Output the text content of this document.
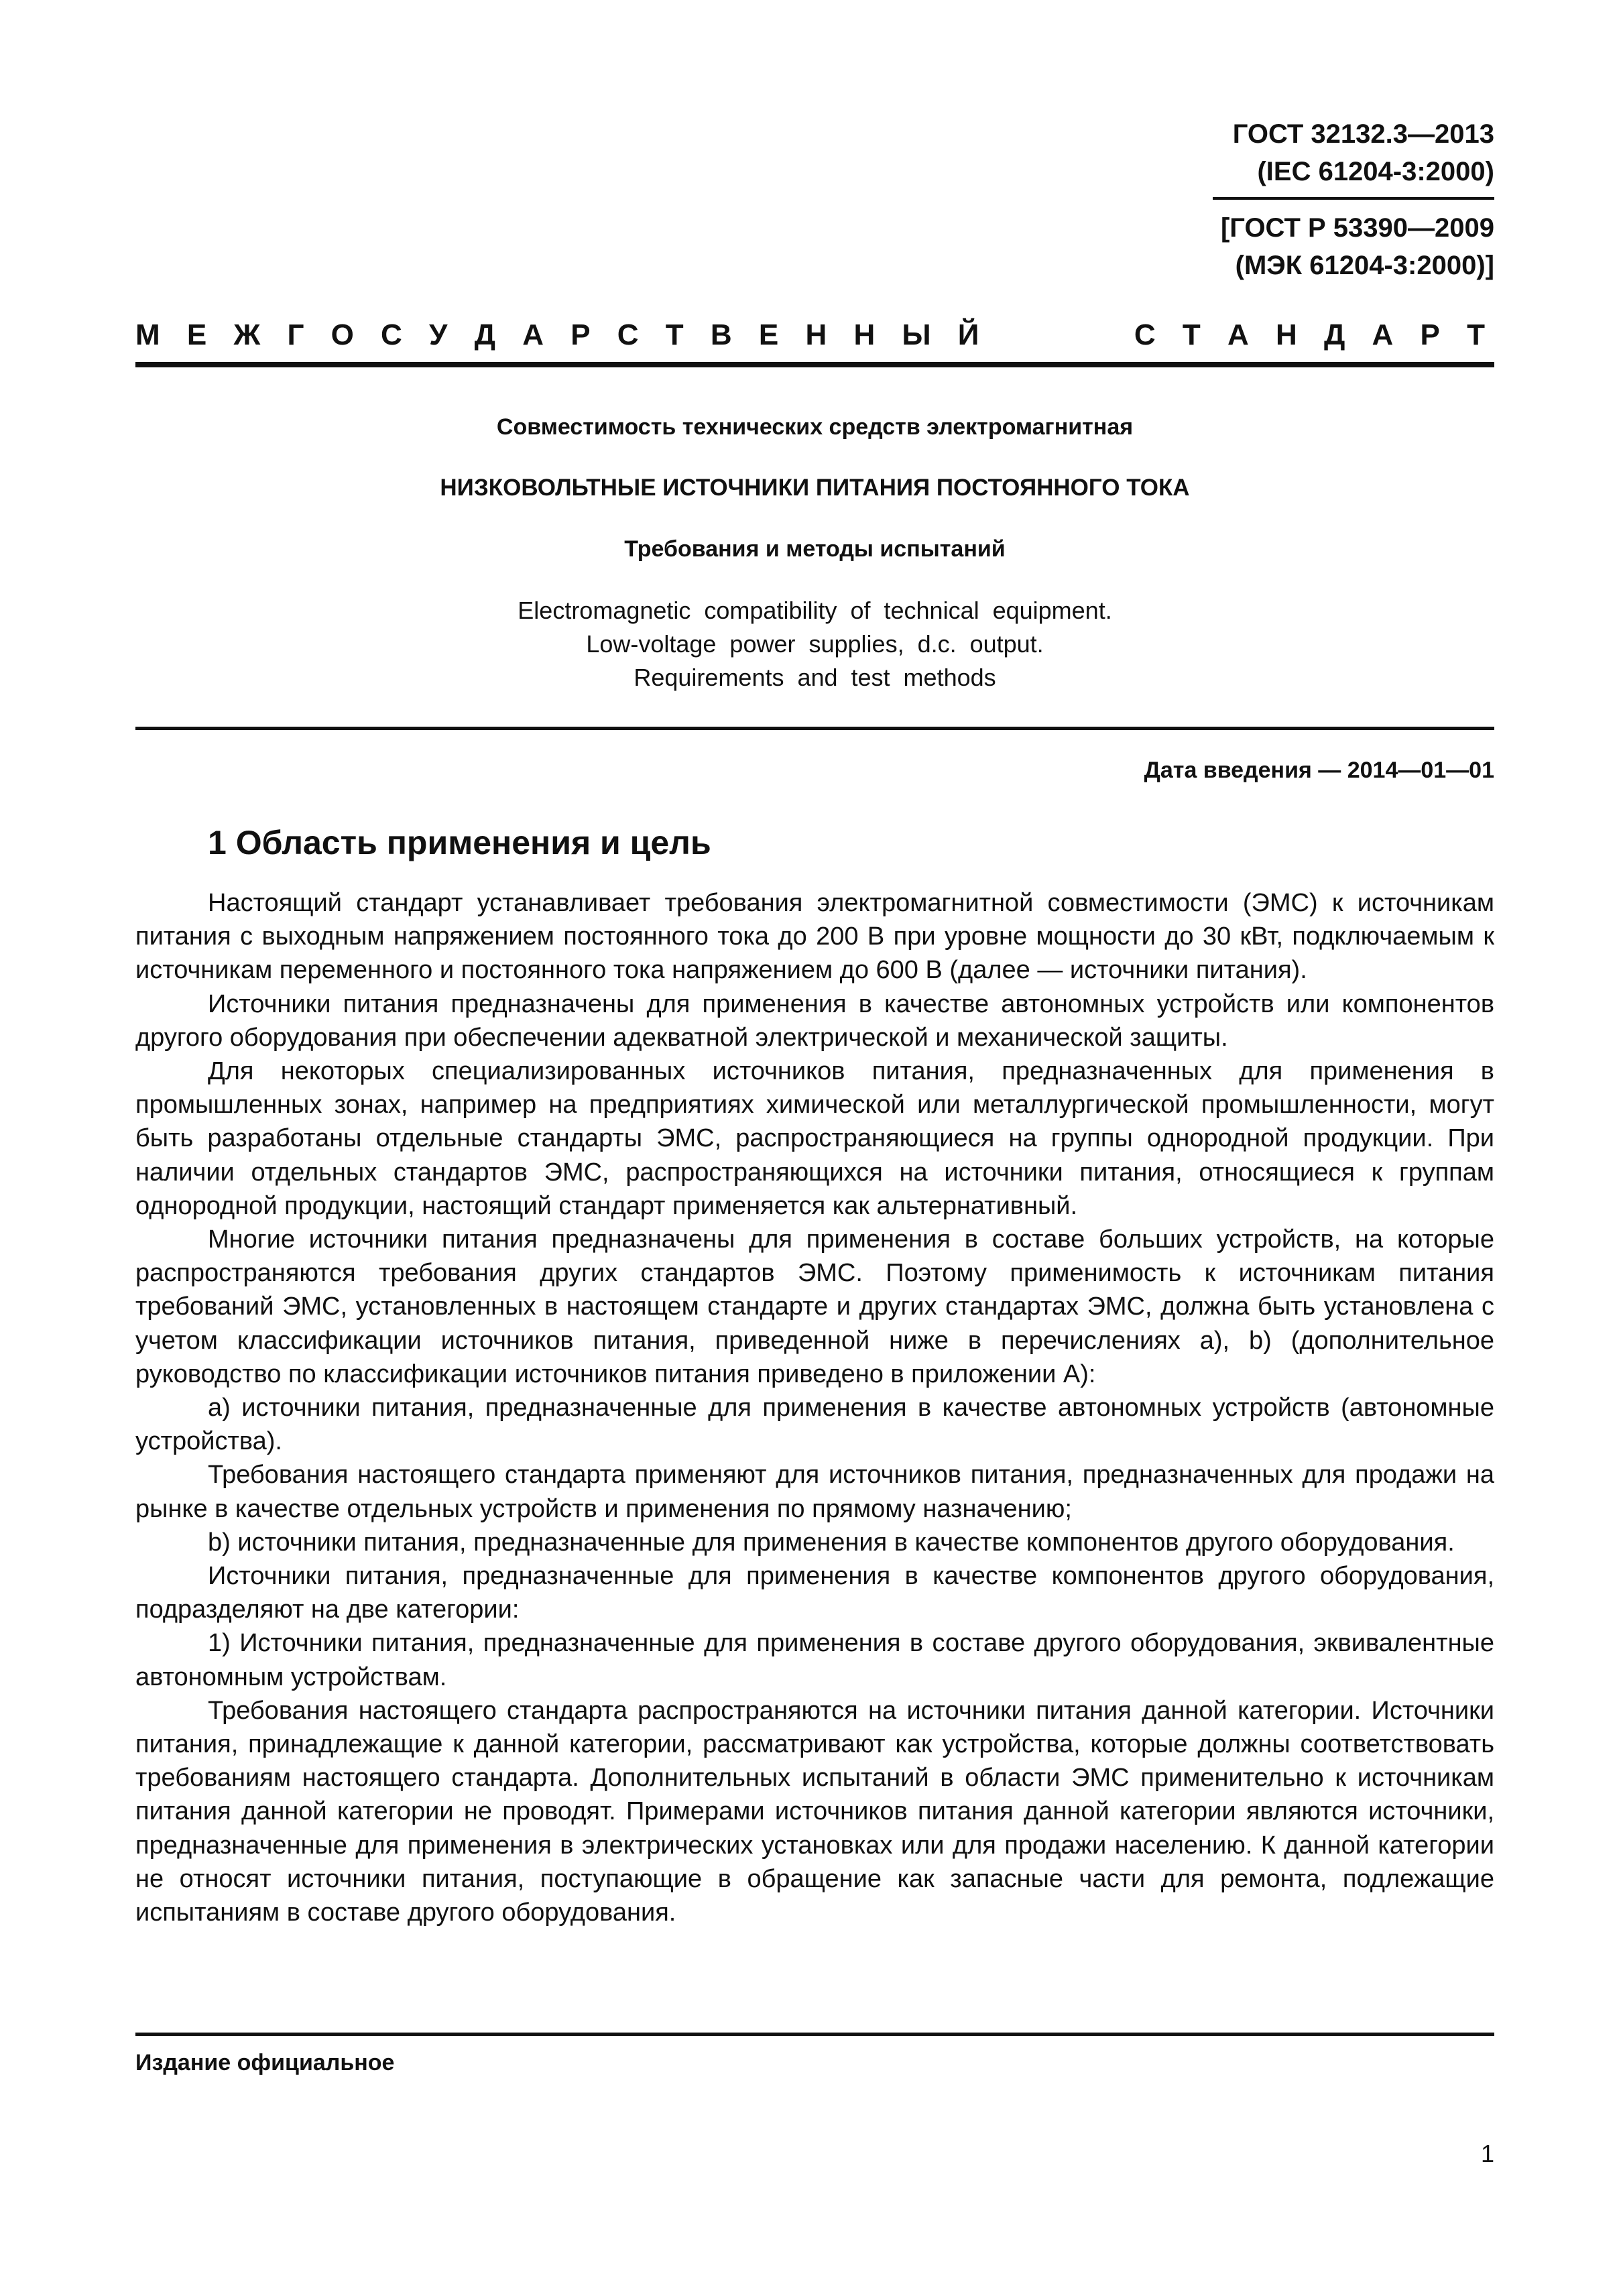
ГОСТ 32132.3—2013
(IEC 61204-3:2000)
[ГОСТ Р 53390—2009
(МЭК 61204-3:2000)]
М Е Ж Г О С У Д А Р С Т В Е Н Н Ы Й	С Т А Н Д А Р Т
Совместимость технических средств электромагнитная
НИЗКОВОЛЬТНЫЕ ИСТОЧНИКИ ПИТАНИЯ ПОСТОЯННОГО ТОКА
Требования и методы испытаний
Electromagnetic compatibility of technical equipment.
Low-voltage power supplies, d.c. output.
Requirements and test methods
Дата введения — 2014—01—01
1 Область применения и цель

Настоящий стандарт устанавливает требования электромагнитной совместимости (ЭМС) к источникам питания с выходным напряжением постоянного тока до 200 В при уровне мощности до 30 кВт, подключаемым к источникам переменного и постоянного тока напряжением до 600 В (далее — источники питания).

Источники питания предназначены для применения в качестве автономных устройств или компонентов другого оборудования при обеспечении адекватной электрической и механической защиты.

Для некоторых специализированных источников питания, предназначенных для применения в промышленных зонах, например на предприятиях химической или металлургической промышленности, могут быть разработаны отдельные стандарты ЭМС, распространяющиеся на группы однородной продукции. При наличии отдельных стандартов ЭМС, распространяющихся на источники питания, относящиеся к группам однородной продукции, настоящий стандарт применяется как альтернативный.

Многие источники питания предназначены для применения в составе больших устройств, на которые распространяются требования других стандартов ЭМС. Поэтому применимость к источникам питания требований ЭМС, установленных в настоящем стандарте и других стандартах ЭМС, должна быть установлена с учетом классификации источников питания, приведенной ниже в перечислениях а), b) (дополнительное руководство по классификации источников питания приведено в приложении А):

а) источники питания, предназначенные для применения в качестве автономных устройств (автономные устройства).

Требования настоящего стандарта применяют для источников питания, предназначенных для продажи на рынке в качестве отдельных устройств и применения по прямому назначению;

b) источники питания, предназначенные для применения в качестве компонентов другого оборудования.

Источники питания, предназначенные для применения в качестве компонентов другого оборудования, подразделяют на две категории:

1) Источники питания, предназначенные для применения в составе другого оборудования, эквивалентные автономным устройствам.

Требования настоящего стандарта распространяются на источники питания данной категории. Источники питания, принадлежащие к данной категории, рассматривают как устройства, которые должны соответствовать требованиям настоящего стандарта. Дополнительных испытаний в области ЭМС применительно к источникам питания данной категории не проводят. Примерами источников питания данной категории являются источники, предназначенные для применения в электрических установках или для продажи населению. К данной категории не относят источники питания, поступающие в обращение как запасные части для ремонта, подлежащие испытаниям в составе другого оборудования.

Издание официальное
1
